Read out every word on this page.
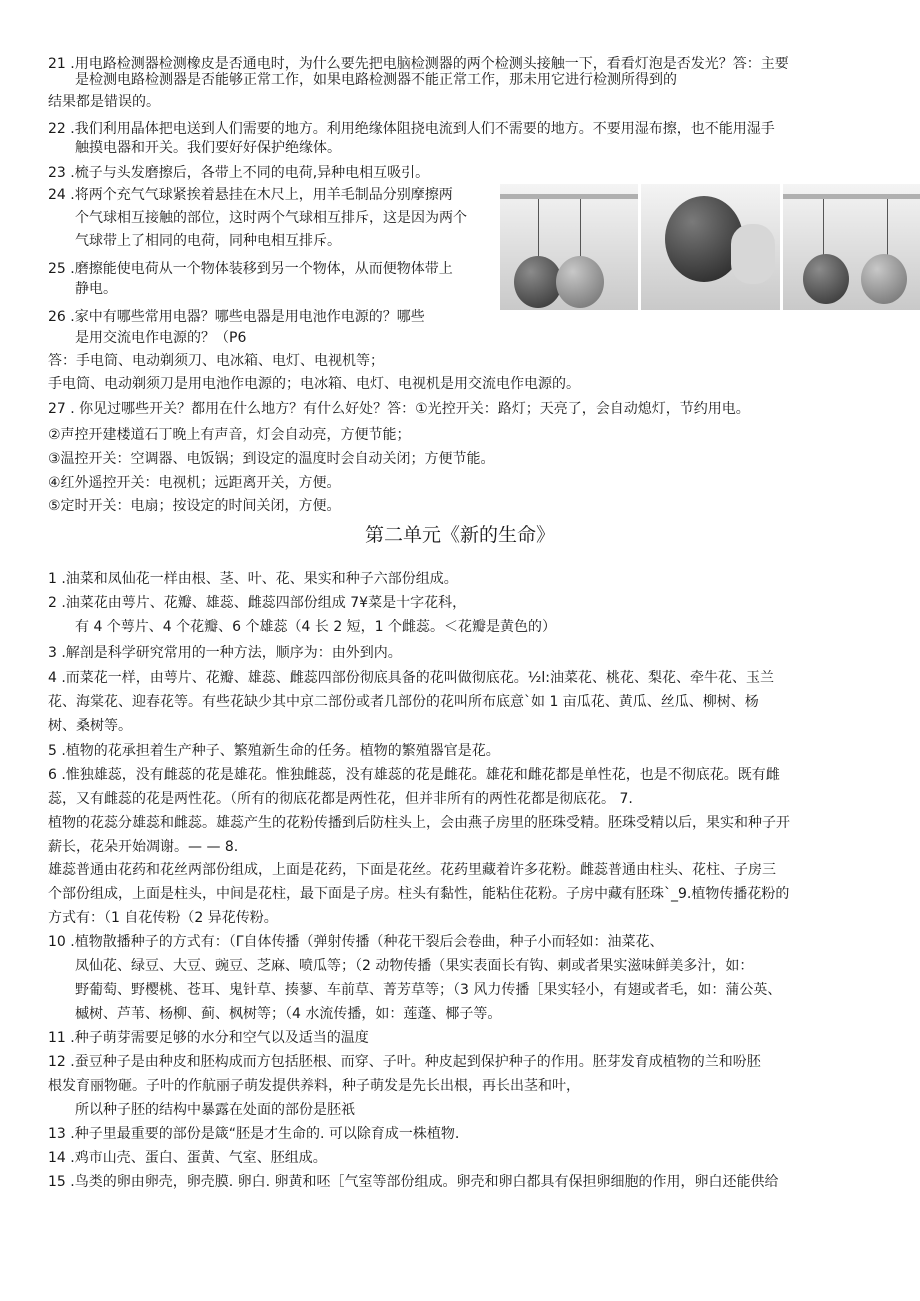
第二单元《新的生命》
21 .用电路检测器检测橡皮是否通电时，为什么要先把电脑检测器的两个检测头接触一下，看看灯泡是否发光？答：主要
是检测电路检测器是否能够正常工作，如果电路检测器不能正常工作，那未用它进行检测所得到的
结果都是错误的。
22 .我们利用晶体把电送到人们需要的地方。利用绝缘体阻挠电流到人们不需要的地方。不要用湿布擦，也不能用湿手
触摸电器和开关。我们要好好保护绝缘体。
23 .梳子与头发磨擦后，各带上不同的电荷,异种电相互吸引。
24 .将两个充气气球紧挨着悬挂在木尺上，用羊毛制品分别摩擦两
个气球相互接触的部位，这时两个气球相互排斥，这是因为两个
气球带上了相同的电荷，同种电相互排斥。
25 .磨擦能使电荷从一个物体装移到另一个物体，从而便物体带上
静电。
26 .家中有哪些常用电器？哪些电器是用电池作电源的？哪些
是用交流电作电源的？（P6
答：手电筒、电动剃须刀、电冰箱、电灯、电视机等；
手电筒、电动剃须刀是用电池作电源的；电冰箱、电灯、电视机是用交流电作电源的。
27 . 你见过哪些开关？都用在什么地方？有什么好处？答：①光控开关：路灯；天亮了，会自动熄灯，节约用电。
②声控开建楼道石丁晚上有声音，灯会自动亮，方便节能；
③温控开关：空调器、电饭锅；到设定的温度时会自动关闭；方便节能。
④红外遥控开关：电视机；远距离开关，方便。
⑤定时开关：电扇；按设定的时间关闭，方便。
1 .油菜和凤仙花一样由根、茎、叶、花、果实和种子六部份组成。
2 .油菜花由萼片、花瓣、雄蕊、雌蕊四部份组成 7¥菜是十字花科，
有 4 个萼片、4 个花瓣、6 个雄蕊（4 长 2 短，1 个雌蕊。＜花瓣是黄色的）
3 .解剖是科学研究常用的一种方法，顺序为：由外到内。
4 .而菜花一样，由萼片、花瓣、雄蕊、雌蕊四部份彻底具备的花叫做彻底花。½l:油菜花、桃花、梨花、牵牛花、玉兰
花、海棠花、迎春花等。有些花缺少其中京二部份或者几部份的花叫所布底意`如 1 亩瓜花、黄瓜、丝瓜、柳树、杨
树、桑树等。
5 .植物的花承担着生产种子、繁殖新生命的任务。植物的繁殖器官是花。
6 .惟独雄蕊，没有雌蕊的花是雄花。惟独雌蕊，没有雄蕊的花是雌花。雄花和雌花都是单性花，也是不彻底花。既有雌
蕊，又有雌蕊的花是两性花。（所有的彻底花都是两性花，但并非所有的两性花都是彻底花。 7.
植物的花蕊分雄蕊和雌蕊。雄蕊产生的花粉传播到后防柱头上，会由燕子房里的胚珠受精。胚珠受精以后，果实和种子开
薪长，花朵开始凋谢。— — 8.
雄蕊普通由花药和花丝两部份组成，上面是花药，下面是花丝。花药里藏着许多花粉。雌蕊普通由柱头、花柱、子房三
个部份组成，上面是柱头，中间是花柱，最下面是子房。柱头有黏性，能粘住花粉。子房中藏有胚珠`_9.植物传播花粉的
方式有：（1 自花传粉（2 异花传粉。
10 .植物散播种子的方式有：（Γ自体传播（弹射传播（种花干裂后会卷曲，种子小而轻如：油菜花、
凤仙花、绿豆、大豆、豌豆、芝麻、喷瓜等；（2 动物传播（果实表面长有钩、刺或者果实滋味鲜美多汁，如：
野葡萄、野樱桃、苍耳、鬼针草、揍蓼、车前草、菁芳草等；（3 风力传播［果实轻小，有翅或者毛，如：蒲公英、
槭树、芦苇、杨柳、蓟、枫树等；（4 水流传播，如：莲蓬、椰子等。
11 .种子萌芽需要足够的水分和空气以及适当的温度
12 .蚕豆种子是由种皮和胚构成而方包括胚根、而穿、子叶。种皮起到保护种子的作用。胚芽发育成植物的兰和吩胚
根发育丽物砸。子叶的作航丽子萌发提供养料，种子萌发是先长出根，再长出茎和叶，
所以种子胚的结构中暴露在处面的部份是胚祇
13 .种子里最重要的部份是箴“胚是才生命的. 可以除育成一株植物.
14 .鸡市山壳、蛋白、蛋黄、气室、胚组成。
15 .鸟类的卵由卵壳，卵壳膜. 卵白. 卵黄和呸［气室等部份组成。卵壳和卵白都具有保担卵细胞的作用，卵白还能供给
